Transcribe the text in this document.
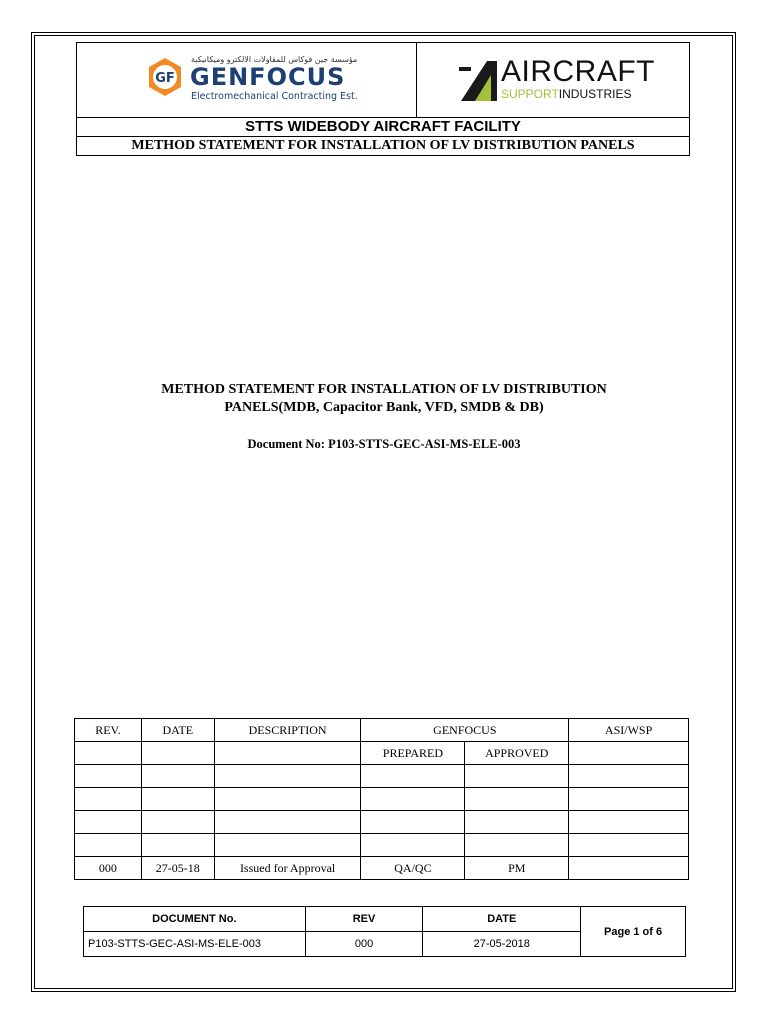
GF
مؤسسة جين فوكاس للمقاولات الالكترو وميكانيكية
GENFOCUS
Electromechanical Contracting Est.
AIRCRAFT
SUPPORTINDUSTRIES
STTS WIDEBODY AIRCRAFT FACILITY
METHOD STATEMENT FOR INSTALLATION OF LV DISTRIBUTION PANELS
METHOD STATEMENT FOR INSTALLATION OF LV DISTRIBUTION
PANELS(MDB, Capacitor Bank, VFD, SMDB & DB)
Document No: P103-STTS-GEC-ASI-MS-ELE-003
REV.	DATE	DESCRIPTION	GENFOCUS		ASI/WSP
			PREPARED	APPROVED	

000	27-05-18	Issued for Approval	QA/QC	PM	
DOCUMENT No.	REV	DATE	Page 1 of 6
P103-STTS-GEC-ASI-MS-ELE-003	000	27-05-2018	
